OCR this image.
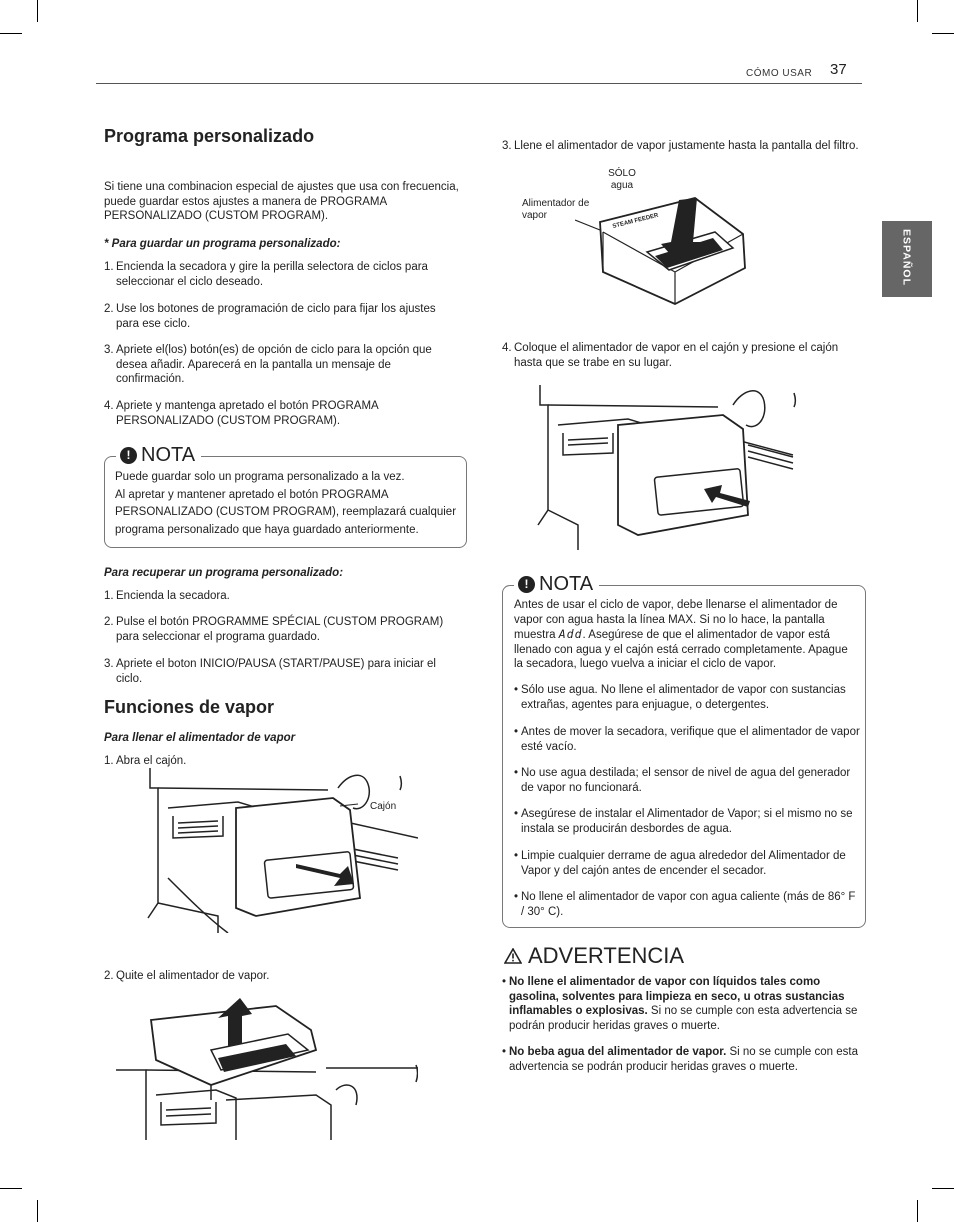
CÓMO USAR 37
ESPAÑOL
Programa personalizado

Si tiene una combinacion especial de ajustes que usa con frecuencia, puede guardar estos ajustes a manera de PROGRAMA PERSONALIZADO (CUSTOM PROGRAM).

* Para guardar un programa personalizado:
1. Encienda la secadora y gire la perilla selectora de ciclos para seleccionar el ciclo deseado.
2. Use los botones de programación de ciclo para fijar los ajustes para ese ciclo.
3. Apriete el(los) botón(es) de opción de ciclo para la opción que desea añadir. Aparecerá en la pantalla un mensaje de confirmación.
4. Apriete y mantenga apretado el botón PROGRAMA PERSONALIZADO (CUSTOM PROGRAM).
! NOTA

Puede guardar solo un programa personalizado a la vez.

Al apretar y mantener apretado el botón PROGRAMA PERSONALIZADO (CUSTOM PROGRAM), reemplazará cualquier programa personalizado que haya guardado anteriormente.

Para recuperar un programa personalizado:
1. Encienda la secadora.
2. Pulse el botón PROGRAMME SPÉCIAL (CUSTOM PROGRAM) para seleccionar el programa guardado.
3. Apriete el boton INICIO/PAUSA (START/PAUSE) para iniciar el ciclo.
Funciones de vapor
Para llenar el alimentador de vapor
1. Abra el cajón.
Cajón
2. Quite el alimentador de vapor.
3. Llene el alimentador de vapor justamente hasta la pantalla del filtro.
SÓLO
agua
Alimentador de
vapor	STEAM FEEDER
4. Coloque el alimentador de vapor en el cajón y presione el cajón hasta que se trabe en su lugar.
! NOTA

Antes de usar el ciclo de vapor, debe llenarse el alimentador de vapor con agua hasta la línea MAX. Si no lo hace, la pantalla muestra Add. Asegúrese de que el alimentador de vapor está llenado con agua y el cajón está cerrado completamente. Apague la secadora, luego vuelva a iniciar el ciclo de vapor.

• Sólo use agua. No llene el alimentador de vapor con sustancias extrañas, agentes para enjuague, o detergentes.
• Antes de mover la secadora, verifique que el alimentador de vapor esté vacío.
• No use agua destilada; el sensor de nivel de agua del generador de vapor no funcionará.
• Asegúrese de instalar el Alimentador de Vapor; si el mismo no se instala se producirán desbordes de agua.
• Limpie cualquier derrame de agua alrededor del Alimentador de Vapor y del cajón antes de encender el secador.
• No llene el alimentador de vapor con agua caliente (más de 86° F / 30° C).
ADVERTENCIA
• No llene el alimentador de vapor con líquidos tales como gasolina, solventes para limpieza en seco, u otras sustancias inflamables o explosivas. Si no se cumple con esta advertencia se podrán producir heridas graves o muerte.
• No beba agua del alimentador de vapor. Si no se cumple con esta advertencia se podrán producir heridas graves o muerte.
